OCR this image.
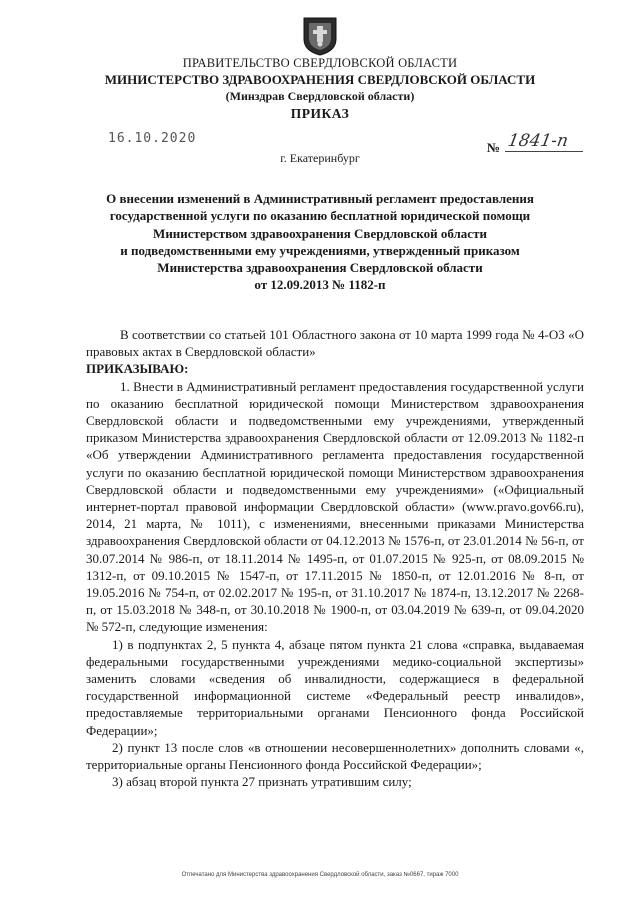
ПРАВИТЕЛЬСТВО СВЕРДЛОВСКОЙ ОБЛАСТИ
МИНИСТЕРСТВО ЗДРАВООХРАНЕНИЯ СВЕРДЛОВСКОЙ ОБЛАСТИ
(Минздрав Свердловской области)
ПРИКАЗ
16.10.2020
№ 1841-п
г. Екатеринбург
О внесении изменений в Административный регламент предоставления
государственной услуги по оказанию бесплатной юридической помощи
Министерством здравоохранения Свердловской области
и подведомственными ему учреждениями, утвержденный приказом
Министерства здравоохранения Свердловской области
от 12.09.2013 № 1182-п

В соответствии со статьей 101 Областного закона от 10 марта 1999 года № 4-ОЗ «О правовых актах в Свердловской области»

ПРИКАЗЫВАЮ:

1. Внести в Административный регламент предоставления государственной услуги по оказанию бесплатной юридической помощи Министерством здравоохранения Свердловской области и подведомственными ему учреждениями, утвержденный приказом Министерства здравоохранения Свердловской области от 12.09.2013 № 1182-п «Об утверждении Административного регламента предоставления государственной услуги по оказанию бесплатной юридической помощи Министерством здравоохранения Свердловской области и подведомственными ему учреждениями» («Официальный интернет-портал правовой информации Свердловской области» (www.pravo.gov66.ru), 2014, 21 марта, № 1011), с изменениями, внесенными приказами Министерства здравоохранения Свердловской области от 04.12.2013 № 1576-п, от 23.01.2014 № 56-п, от 30.07.2014 № 986-п, от 18.11.2014 № 1495-п, от 01.07.2015 № 925-п, от 08.09.2015 № 1312-п, от 09.10.2015 № 1547-п, от 17.11.2015 № 1850-п, от 12.01.2016 № 8-п, от 19.05.2016 № 754-п, от 02.02.2017 № 195-п, от 31.10.2017 № 1874-п, 13.12.2017 № 2268-п, от 15.03.2018 № 348-п, от 30.10.2018 № 1900-п, от 03.04.2019 № 639-п, от 09.04.2020 № 572-п, следующие изменения:

1) в подпунктах 2, 5 пункта 4, абзаце пятом пункта 21 слова «справка, выдаваемая федеральными государственными учреждениями медико-социальной экспертизы» заменить словами «сведения об инвалидности, содержащиеся в федеральной государственной информационной системе «Федеральный реестр инвалидов», предоставляемые территориальными органами Пенсионного фонда Российской Федерации»;

2) пункт 13 после слов «в отношении несовершеннолетних» дополнить словами «, территориальные органы Пенсионного фонда Российской Федерации»;

3) абзац второй пункта 27 признать утратившим силу;

Отпечатано для Министерства здравоохранения Свердловской области, заказ №0667, тираж 7000
